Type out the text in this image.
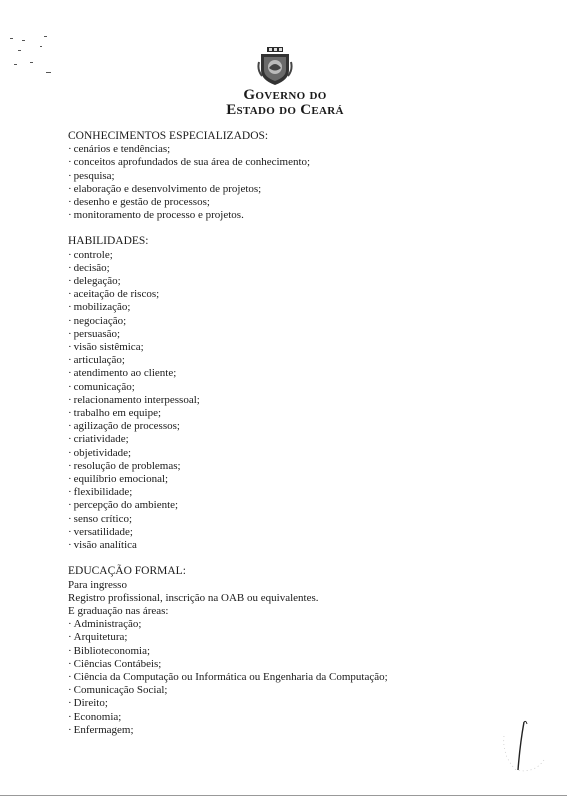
Governo do
Estado do Ceará

CONHECIMENTOS ESPECIALIZADOS:

· cenários e tendências;

· conceitos aprofundados de sua área de conhecimento;

· pesquisa;

· elaboração e desenvolvimento de projetos;

· desenho e gestão de processos;

· monitoramento de processo e projetos.

HABILIDADES:

· controle;

· decisão;

· delegação;

· aceitação de riscos;

· mobilização;

· negociação;

· persuasão;

· visão sistêmica;

· articulação;

· atendimento ao cliente;

· comunicação;

· relacionamento interpessoal;

· trabalho em equipe;

· agilização de processos;

· criatividade;

· objetividade;

· resolução de problemas;

· equilíbrio emocional;

· flexibilidade;

· percepção do ambiente;

· senso crítico;

· versatilidade;

· visão analítica

EDUCAÇÃO FORMAL:

Para ingresso

Registro profissional, inscrição na OAB ou equivalentes.

E graduação nas áreas:

· Administração;

· Arquitetura;

· Biblioteconomia;

· Ciências Contábeis;

· Ciência da Computação ou Informática ou Engenharia da Computação;

· Comunicação Social;

· Direito;

· Economia;

· Enfermagem;
